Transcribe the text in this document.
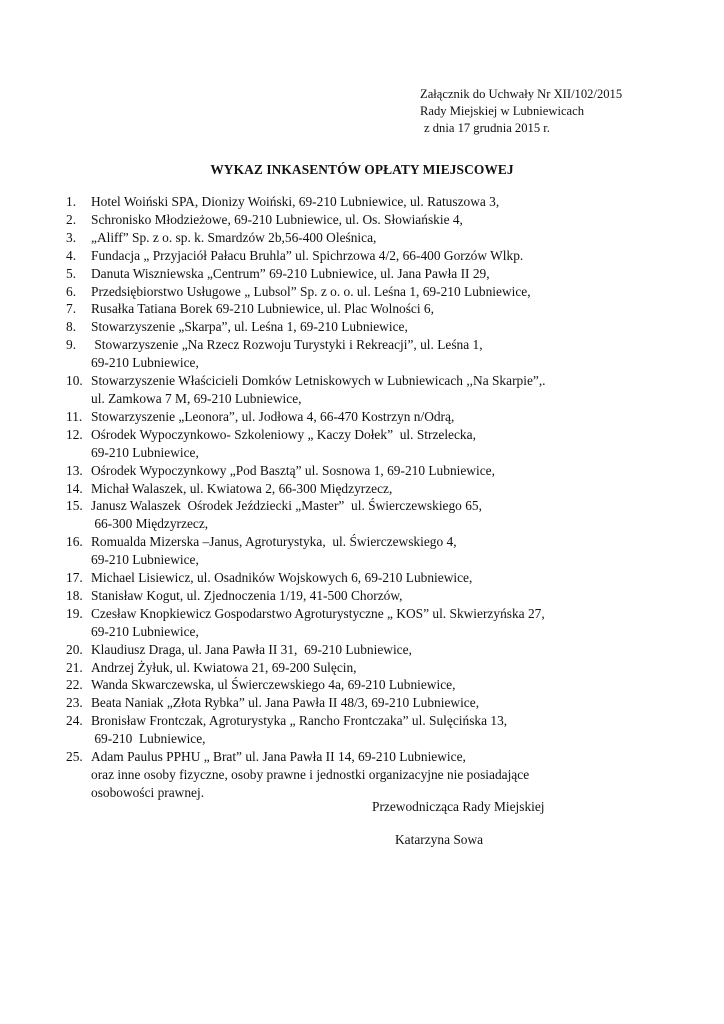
Załącznik do Uchwały Nr XII/102/2015
Rady Miejskiej w Lubniewicach
z dnia 17 grudnia 2015 r.
WYKAZ INKASENTÓW OPŁATY MIEJSCOWEJ
1. Hotel Woiński SPA, Dionizy Woiński, 69-210 Lubniewice, ul. Ratuszowa 3,
2. Schronisko Młodzieżowe, 69-210 Lubniewice, ul. Os. Słowiańskie 4,
3. „Aliff” Sp. z o. sp. k. Smardzów 2b,56-400 Oleśnica,
4. Fundacja „ Przyjaciół Pałacu Bruhla” ul. Spichrzowa 4/2, 66-400 Gorzów Wlkp.
5. Danuta Wiszniewska „Centrum” 69-210 Lubniewice, ul. Jana Pawła II 29,
6. Przedsiębiorstwo Usługowe „ Lubsol” Sp. z o. o. ul. Leśna 1, 69-210 Lubniewice,
7. Rusałka Tatiana Borek 69-210 Lubniewice, ul. Plac Wolności 6,
8. Stowarzyszenie „Skarpa”, ul. Leśna 1, 69-210 Lubniewice,
9. Stowarzyszenie „Na Rzecz Rozwoju Turystyki i Rekreacji”, ul. Leśna 1,
69-210 Lubniewice,
10. Stowarzyszenie Właścicieli Domków Letniskowych w Lubniewicach ,,Na Skarpie”,.
ul. Zamkowa 7 M, 69-210 Lubniewice,
11. Stowarzyszenie „Leonora”, ul. Jodłowa 4, 66-470 Kostrzyn n/Odrą,
12. Ośrodek Wypoczynkowo- Szkoleniowy „ Kaczy Dołek”  ul. Strzelecka,
69-210 Lubniewice,
13. Ośrodek Wypoczynkowy „Pod Basztą” ul. Sosnowa 1, 69-210 Lubniewice,
14. Michał Walaszek, ul. Kwiatowa 2, 66-300 Międzyrzecz,
15. Janusz Walaszek  Ośrodek Jeździecki „Master”  ul. Świerczewskiego 65,
66-300 Międzyrzecz,
16. Romualda Mizerska –Janus, Agroturystyka,  ul. Świerczewskiego 4,
69-210 Lubniewice,
17. Michael Lisiewicz, ul. Osadników Wojskowych 6, 69-210 Lubniewice,
18. Stanisław Kogut, ul. Zjednoczenia 1/19, 41-500 Chorzów,
19. Czesław Knopkiewicz Gospodarstwo Agroturystyczne „ KOS” ul. Skwierzyńska 27,
69-210 Lubniewice,
20. Klaudiusz Draga, ul. Jana Pawła II 31,  69-210 Lubniewice,
21. Andrzej Żyłuk, ul. Kwiatowa 21, 69-200 Sulęcin,
22. Wanda Skwarczewska, ul Świerczewskiego 4a, 69-210 Lubniewice,
23. Beata Naniak „Złota Rybka” ul. Jana Pawła II 48/3, 69-210 Lubniewice,
24. Bronisław Frontczak, Agroturystyka „ Rancho Frontczaka” ul. Sulęcińska 13,
69-210  Lubniewice,
25. Adam Paulus PPHU „ Brat” ul. Jana Pawła II 14, 69-210 Lubniewice,
oraz inne osoby fizyczne, osoby prawne i jednostki organizacyjne nie posiadające
osobowości prawnej.
Przewodnicząca Rady Miejskiej
Katarzyna Sowa
